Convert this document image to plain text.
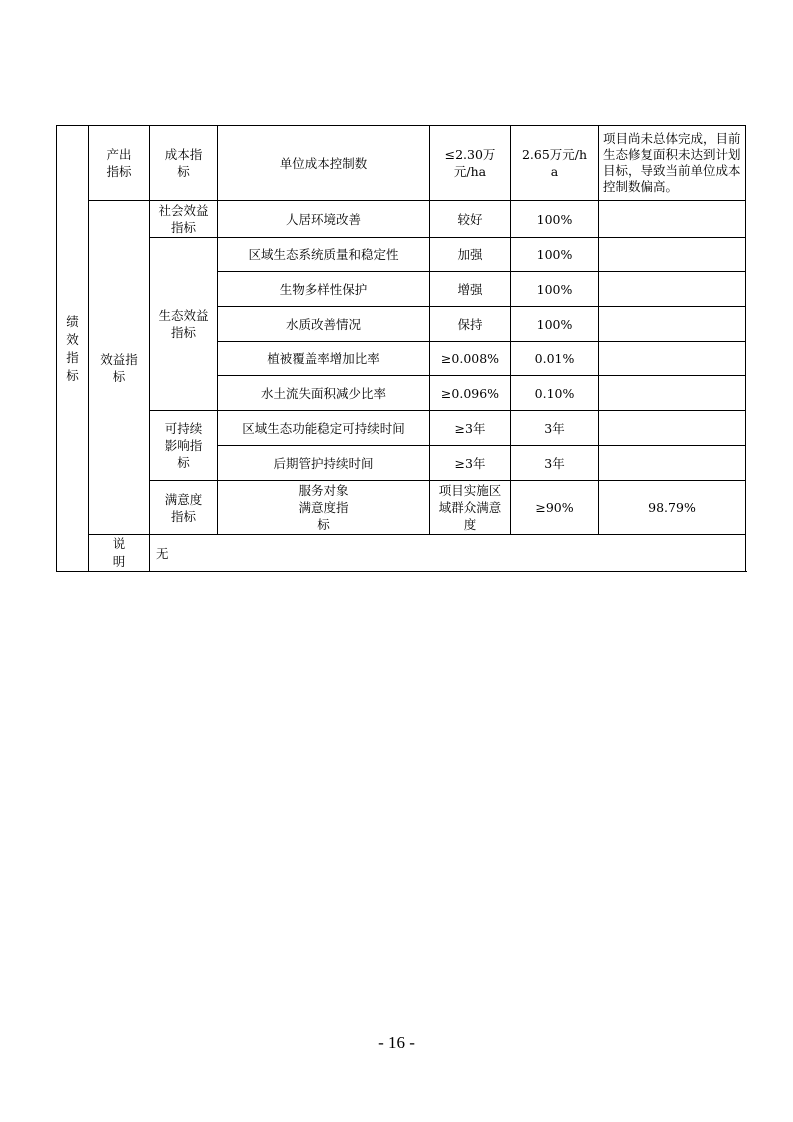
绩效指标	产出指标	成本指标	单位成本控制数	≤2.30万元/ha	2.65万元/ha	项目尚未总体完成，目前生态修复面积未达到计划目标，导致当前单位成本控制数偏高。	

	效益指标	社会效益指标	人居环境改善	较好	100%		

		生态效益指标	区域生态系统质量和稳定性	加强	100%		
			生物多样性保护	增强	100%		
			水质改善情况	保持	100%		
			植被覆盖率增加比率	≥0.008%	0.01%		
			水土流失面积减少比率	≥0.096%	0.10%		

		可持续影响指标	区域生态功能稳定可持续时间	≥3年	3年		
			后期管护持续时间	≥3年	3年		

		满意度指标	服务对象满意度指标	项目实施区域群众满意度	≥90%	98.79%	

	说明	无					
- 16 -
